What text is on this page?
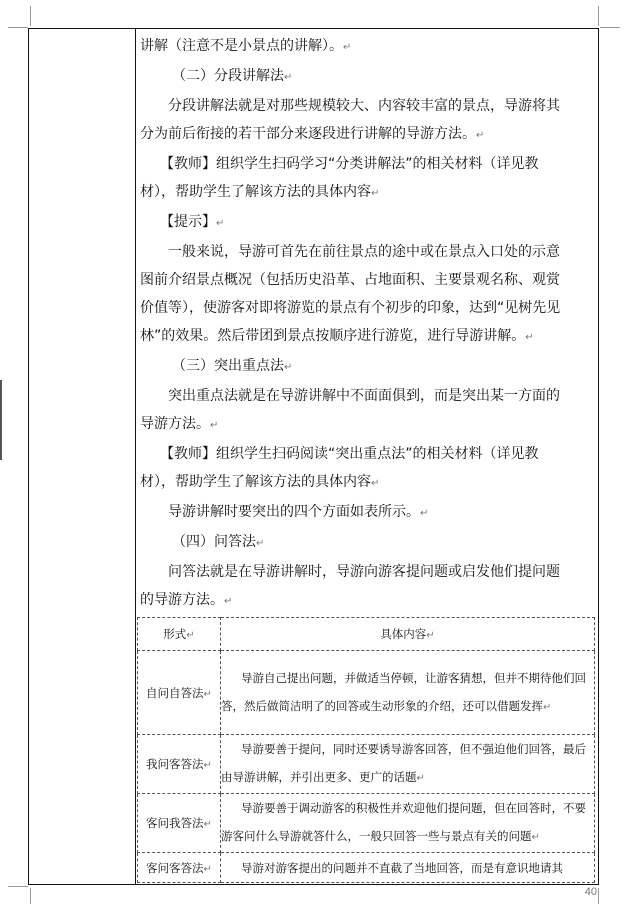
讲解（注意不是小景点的讲解）。↵

（二）分段讲解法↵

分段讲解法就是对那些规模较大、内容较丰富的景点，导游将其分为前后衔接的若干部分来逐段进行讲解的导游方法。↵

【教师】组织学生扫码学习“分类讲解法”的相关材料（详见教材），帮助学生了解该方法的具体内容↵

【提示】↵

一般来说，导游可首先在前往景点的途中或在景点入口处的示意图前介绍景点概况（包括历史沿革、占地面积、主要景观名称、观赏价值等），使游客对即将游览的景点有个初步的印象，达到“见树先见林”的效果。然后带团到景点按顺序进行游览，进行导游讲解。↵

（三）突出重点法↵

突出重点法就是在导游讲解中不面面俱到，而是突出某一方面的导游方法。↵

【教师】组织学生扫码阅读“突出重点法”的相关材料（详见教材），帮助学生了解该方法的具体内容↵

导游讲解时要突出的四个方面如表所示。↵

（四）问答法↵

问答法就是在导游讲解时，导游向游客提问题或启发他们提问题的导游方法。↵

形式↵	具体内容↵
自问自答法↵	导游自己提出问题，并做适当停顿，让游客猜想，但并不期待他们回答，然后做简洁明了的回答或生动形象的介绍，还可以借题发挥↵

我问客答法↵	导游要善于提问，同时还要诱导游客回答，但不强迫他们回答，最后由导游讲解，并引出更多、更广的话题↵

客问我答法↵	导游要善于调动游客的积极性并欢迎他们提问题，但在回答时，不要游客问什么导游就答什么，一般只回答一些与景点有关的问题↵

客问客答法↵	导游对游客提出的问题并不直截了当地回答，而是有意识地请其
40
